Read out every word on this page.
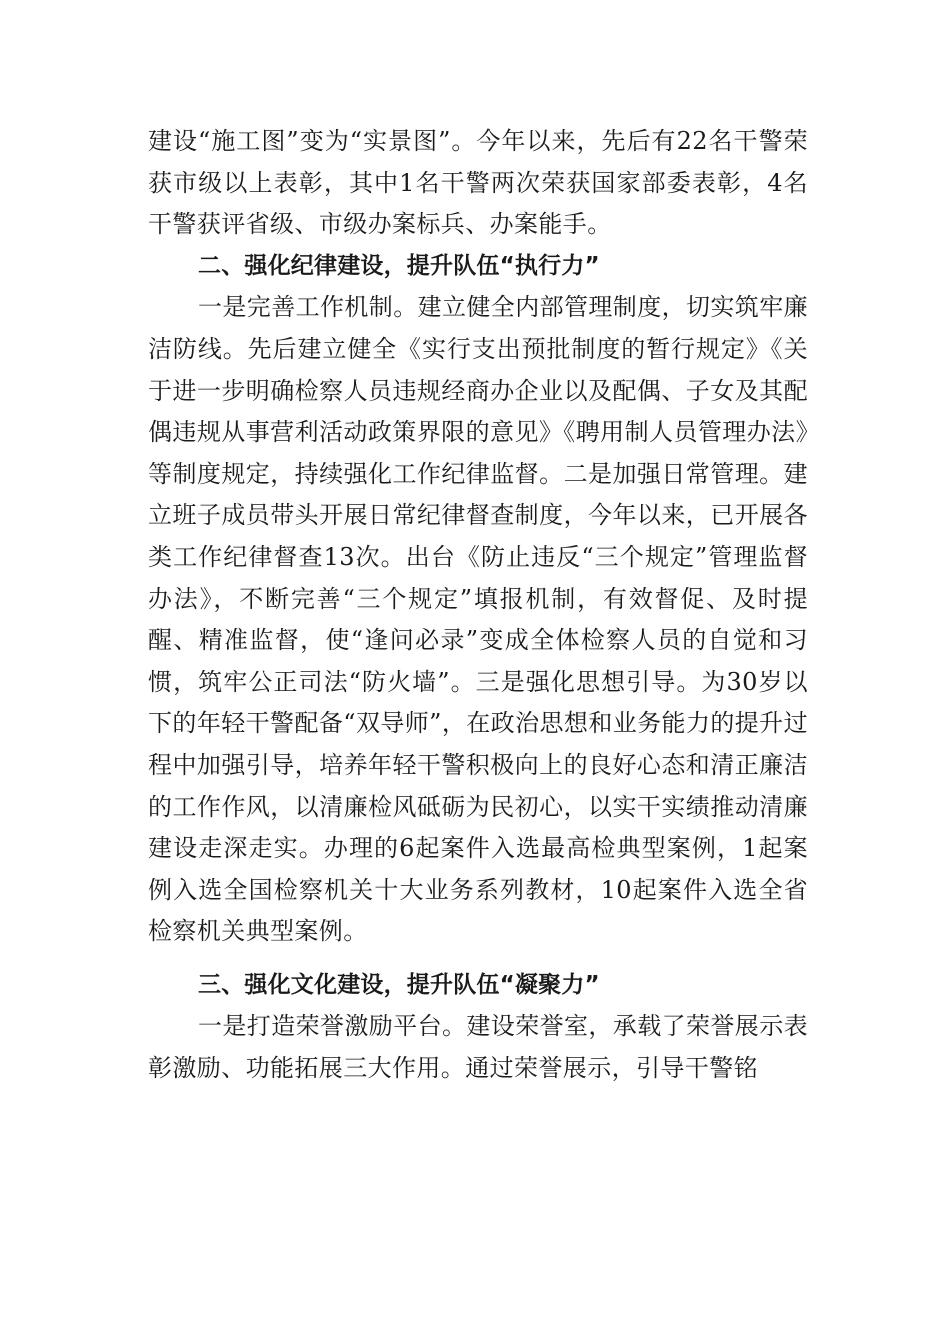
建设“施工图”变为“实景图”。今年以来，先后有22名干警荣获市级以上表彰，其中1名干警两次荣获国家部委表彰，4名干警获评省级、市级办案标兵、办案能手。

二、强化纪律建设，提升队伍“执行力”

一是完善工作机制。建立健全内部管理制度，切实筑牢廉洁防线。先后建立健全《实行支出预批制度的暂行规定》《关于进一步明确检察人员违规经商办企业以及配偶、子女及其配偶违规从事营利活动政策界限的意见》《聘用制人员管理办法》等制度规定，持续强化工作纪律监督。二是加强日常管理。建立班子成员带头开展日常纪律督查制度，今年以来，已开展各类工作纪律督查13次。出台《防止违反“三个规定”管理监督办法》，不断完善“三个规定”填报机制，有效督促、及时提醒、精准监督，使“逢问必录”变成全体检察人员的自觉和习惯，筑牢公正司法“防火墙”。三是强化思想引导。为30岁以下的年轻干警配备“双导师”，在政治思想和业务能力的提升过程中加强引导，培养年轻干警积极向上的良好心态和清正廉洁的工作作风，以清廉检风砥砺为民初心，以实干实绩推动清廉建设走深走实。办理的6起案件入选最高检典型案例，1起案例入选全国检察机关十大业务系列教材，10起案件入选全省检察机关典型案例。

三、强化文化建设，提升队伍“凝聚力”

一是打造荣誉激励平台。建设荣誉室，承载了荣誉展示表彰激励、功能拓展三大作用。通过荣誉展示，引导干警铭
